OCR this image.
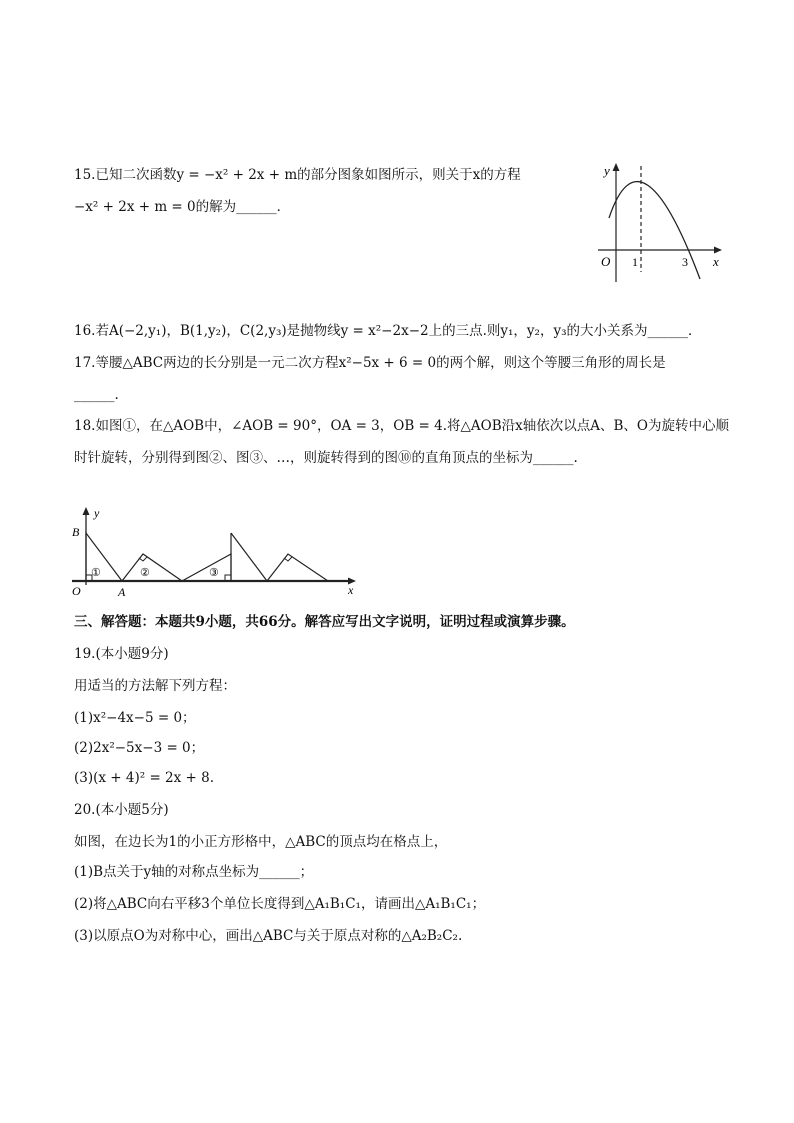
15.已知二次函数y = −x² + 2x + m的部分图象如图所示，则关于x的方程
−x² + 2x + m = 0的解为______．
y
x
O 1	3
16.若A(−2,y₁)，B(1,y₂)，C(2,y₃)是抛物线y = x²−2x−2上的三点.则y₁，y₂，y₃的大小关系为______．
17.等腰△ABC两边的长分别是一元二次方程x²−5x + 6 = 0的两个解，则这个等腰三角形的周长是
______.
18.如图①，在△AOB中，∠AOB = 90°，OA = 3，OB = 4.将△AOB沿x轴依次以点A、B、O为旋转中心顺
时针旋转，分别得到图②、图③、…，则旋转得到的图⑩的直角顶点的坐标为______.
y
x
B
O	A
①	②	③
三、解答题：本题共9小题，共66分。解答应写出文字说明，证明过程或演算步骤。
19.(本小题9分)
用适当的方法解下列方程：
(1)x²−4x−5 = 0；
(2)2x²−5x−3 = 0；
(3)(x + 4)² = 2x + 8.
20.(本小题5分)
如图，在边长为1的小正方形格中，△ABC的顶点均在格点上，
(1)B点关于y轴的对称点坐标为______；
(2)将△ABC向右平移3个单位长度得到△A₁B₁C₁，请画出△A₁B₁C₁；
(3)以原点O为对称中心，画出△ABC与关于原点对称的△A₂B₂C₂.
